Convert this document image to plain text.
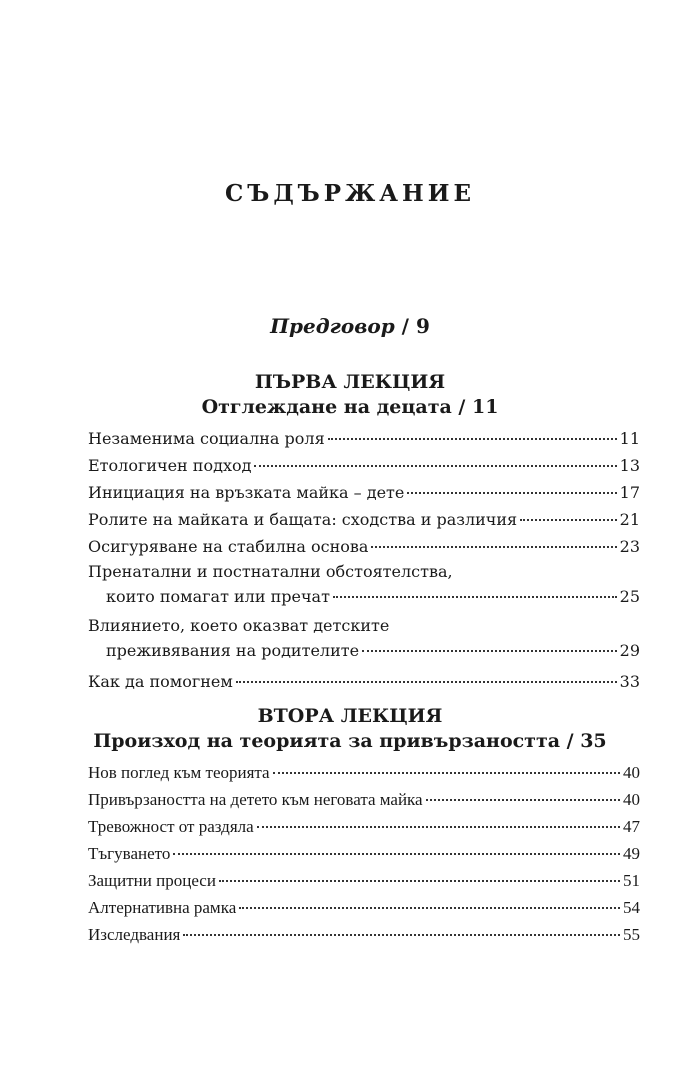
СЪДЪРЖАНИЕ
Предговор / 9
ПЪРВА ЛЕКЦИЯ
Отглеждане на децата / 11
Незаменима социална роля	11
Етологичен подход	13
Инициация на връзката майка – дете	17
Ролите на майката и бащата: сходства и различия	21
Осигуряване на стабилна основа	23
Пренатални и постнатални обстоятелства,
които помагат или пречат	25
Влиянието, което оказват детските
преживявания на родителите	29
Как да помогнем	33
ВТОРА ЛЕКЦИЯ
Произход на теорията за привързаността / 35
Нов поглед към теорията	40
Привързаността на детето към неговата майка	40
Тревожност от раздяла	47
Тъгуването	49
Защитни процеси	51
Алтернативна рамка	54
Изследвания	55
